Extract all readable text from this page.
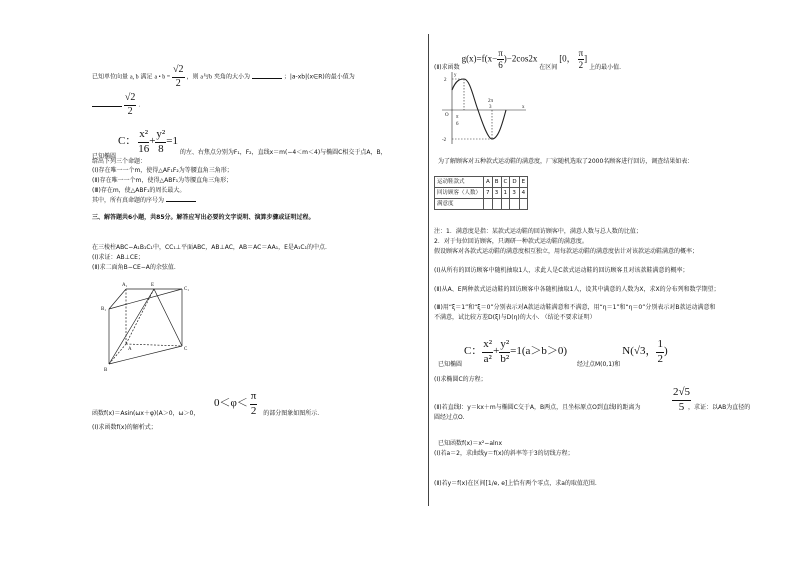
已知单位向量 a, b 满足 a • $b = \frac{√2}{2}$ ，则 a与b 夹角的大小为	；|a-xb|(x∈R)的最小值为

$\frac{√2}{2}$ ．
已知椭圆 C： $\frac{\text{x²}}{16} + \frac{\text{y²}}{8} =1$ 的左、右焦点分别为F₁，F₂，直线x＝m(−4＜m＜4)与椭圆C相交于点A，B，
给出下列三个命题：
(Ⅰ)存在唯一一个m，使得△AF₁F₂为等腰直角三角形；
(Ⅱ)存在唯一一个m，使得△ABF₁为等腰直角三角形；
(Ⅲ)存在m，使△ABF₁的周长最大。
其中，所有真命题的序号为
三、解答题共6小题，共85分。解答应写出必要的文字说明、演算步骤或证明过程。
在三棱柱ABC−A₁B₁C₁中，CC₁⊥平面ABC，AB⊥AC，AB＝AC＝AA₁，E是A₁C₁的中点.
(Ⅰ)求证：AB⊥CE；
(Ⅱ)求二面角B−CE−A的余弦值.
A₁	E
C₁
B₁
A	C
B
$0<\varphi< \frac{\pi}{2}$
函数f(x)＝Asin(ωx＋φ)(A＞0，ω＞0，	的部分图象如图所示.
(Ⅰ)求函数f(x)的解析式；
(Ⅱ)求函数 $g(x)=f(x- \frac{\pi}{6} )-2\cos 2x$ 在区间 [0， $\frac{\pi}{2}$ ] 上的最小值.
2
-2
O
x
y
π
6
2π
3
为了解顾客对五种款式运动鞋的满意度，厂家随机选取了2000名顾客进行回访，调查结果如表：
运动鞋款式	A	B	C	D	E
回访顾客（人数）	7	3	1	3	4
满意度					
注：1．满意度是指：某款式运动鞋的回访顾客中，满意人数与总人数的比值；
2．对于每位回访顾客，只调研一种款式运动鞋的满意度。
假设顾客对各款式运动鞋的满意度相互独立，用每款运动鞋的满意度估计对该款运动鞋满意的概率；
(Ⅰ)从所有的回访顾客中随机抽取1人，求此人是C款式运动鞋的回访顾客且对该款鞋满意的概率；
(Ⅱ)从A、E两种款式运动鞋的回访顾客中各随机抽取1人，设其中满意的人数为X，求X的分布列和数学期望；
(Ⅲ)用“ξ＝1”和“ξ＝0”分别表示对A款运动鞋满意和不满意，用“η＝1”和“η＝0”分别表示对B款运动满意和
不满意，试比较方差D(ξ)与D(η)的大小. （结论不要求证明）
已知椭圆 C： $\frac{\text{x²}}{\text{a²}} + \frac{\text{y²}}{\text{b²}} =1(a>b>0)$ 经过点M(0,1)和 N(√3， $\frac{1}{2}$ )
(Ⅰ)求椭圆C的方程；
$\frac{2√5}{5}$
(Ⅱ)若直线l：y＝kx＋m与椭圆C交于A，B两点，且坐标原点O到直线l的距离为	，求证：以AB为直径的
圆经过点O.
已知函数f(x)＝x²−alnx
(Ⅰ)若a＝2，求曲线y＝f(x)的斜率等于3的切线方程；
(Ⅱ)若y＝f(x)在区间[1/e, e]上恰有两个零点，求a的取值范围.
